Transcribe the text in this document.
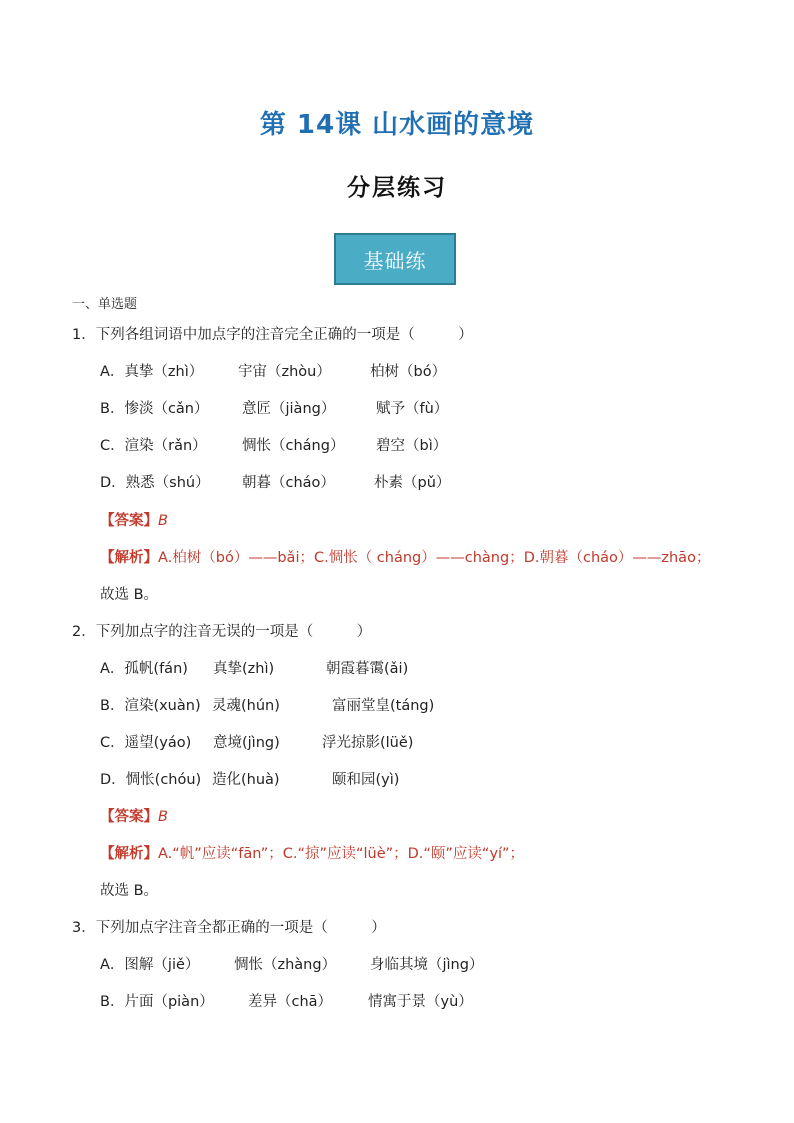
第 14课 山水画的意境
分层练习
基础练
一、单选题
1．下列各组词语中加点字的注音完全正确的一项是（　　　）
A．真挚（zhì） 宇宙（zhòu）	柏树（bó）
B．惨淡（cǎn） 意匠（jiàng）	赋予（fù）
C．渲染（rǎn） 惆怅（cháng） 碧空（bì）
D．熟悉（shú） 朝暮（cháo）	朴素（pǔ）
【答案】B
【解析】A.柏树（bó）——bǎi；C.惆怅（ cháng）——chàng；D.朝暮（cháo）——zhāo；
故选 B。
2．下列加点字的注音无误的一项是（　　　）
A．孤帆(fán) 真挚(zhì)	朝霞暮霭(ǎi)
B．渲染(xuàn) 灵魂(hún)	富丽堂皇(táng)
C．遥望(yáo) 意境(jìng)	浮光掠影(lüě)
D．惆怅(chóu) 造化(huà)	颐和园(yì)
【答案】B
【解析】A.“帆”应读“fān”；C.“掠”应读“lüè”；D.“颐”应读“yí”；
故选 B。
3．下列加点字注音全都正确的一项是（　　　）
A．图解（jiě） 惆怅（zhàng） 身临其境（jìng）
B．片面（piàn） 差异（chā） 情寓于景（yù）
